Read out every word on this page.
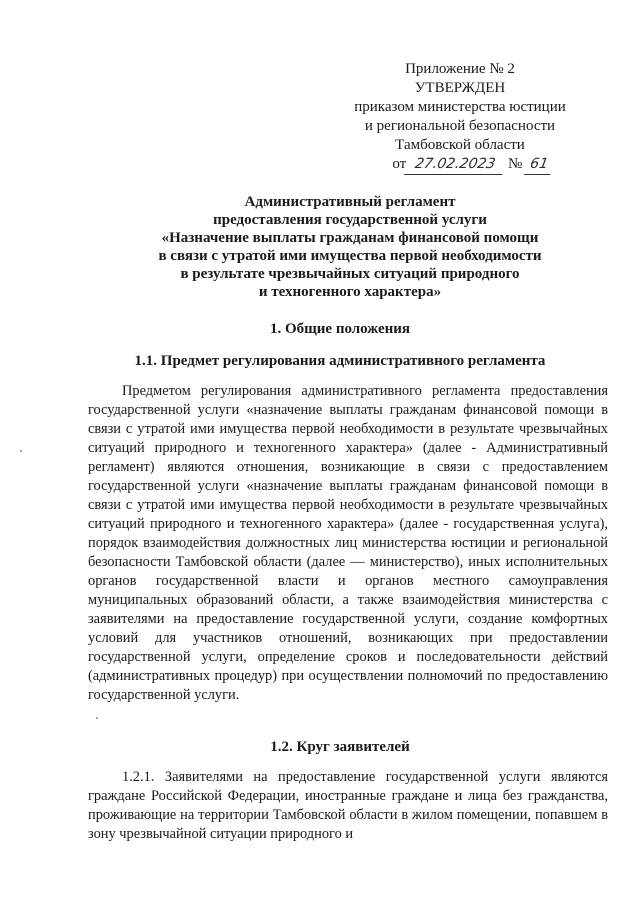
Приложение № 2
УТВЕРЖДЕН
приказом министерства юстиции
и региональной безопасности
Тамбовской области
от 27.02.2023 № 61
Административный регламент
предоставления государственной услуги
«Назначение выплаты гражданам финансовой помощи
в связи с утратой ими имущества первой необходимости
в результате чрезвычайных ситуаций природного
и техногенного характера»
1. Общие положения
1.1. Предмет регулирования административного регламента

Предметом регулирования административного регламента предоставления государственной услуги «назначение выплаты гражданам финансовой помощи в связи с утратой ими имущества первой необходимости в результате чрезвычайных ситуаций природного и техногенного характера» (далее - Административный регламент) являются отношения, возникающие в связи с предоставлением государственной услуги «назначение выплаты гражданам финансовой помощи в связи с утратой ими имущества первой необходимости в результате чрезвычайных ситуаций природного и техногенного характера» (далее - государственная услуга), порядок взаимодействия должностных лиц министерства юстиции и региональной безопасности Тамбовской области (далее — министерство), иных исполнительных органов государственной власти и органов местного самоуправления муниципальных образований области, а также взаимодействия министерства с заявителями на предоставление государственной услуги, создание комфортных условий для участников отношений, возникающих при предоставлении государственной услуги, определение сроков и последовательности действий (административных процедур) при осуществлении полномочий по предоставлению государственной услуги.

1.2. Круг заявителей

1.2.1. Заявителями на предоставление государственной услуги являются граждане Российской Федерации, иностранные граждане и лица без гражданства, проживающие на территории Тамбовской области в жилом помещении, попавшем в зону чрезвычайной ситуации природного и
